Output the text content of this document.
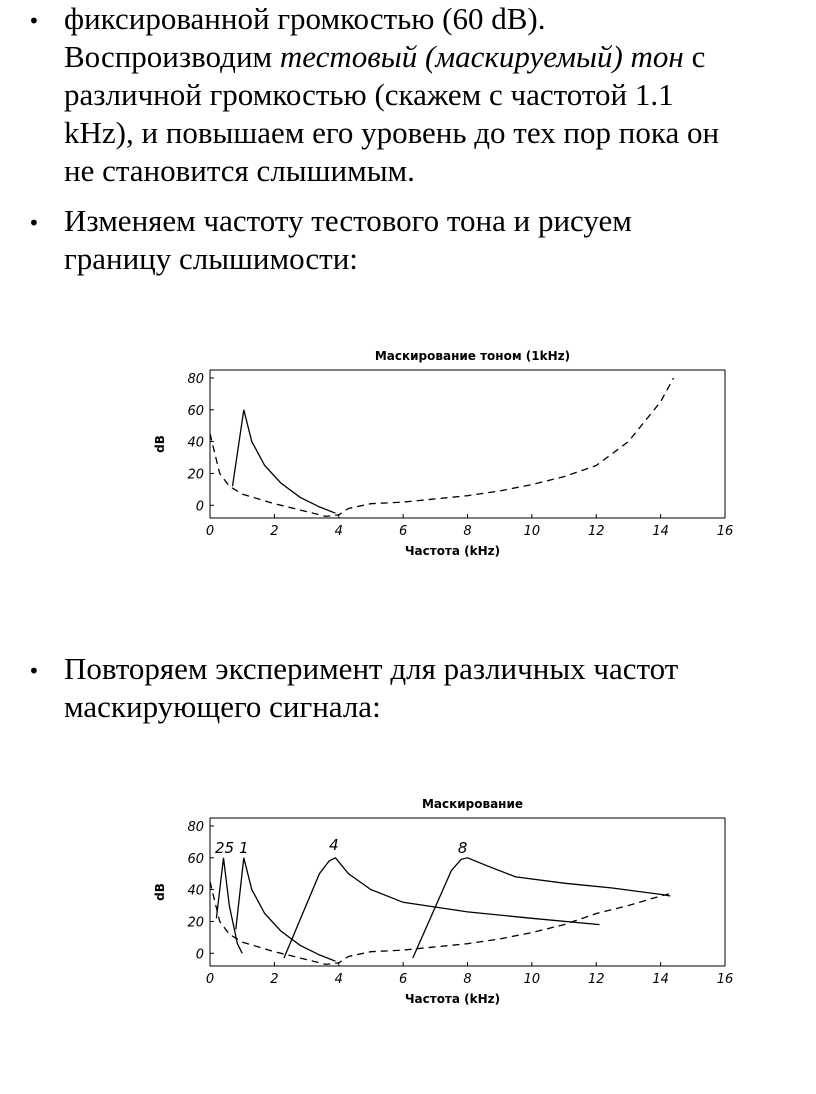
• фиксированной громкостью (60 dB).
Воспроизводим тестовый (маскируемый) тон с
различной громкостью (скажем с частотой 1.1
kHz), и повышаем его уровень до тех пор пока он
не становится слышимым.
• Изменяем частоту тестового тона и рисуем
границу слышимости:
Маскирование тоном (1kHz)
0	2	4	6	8	10	12	14	16
0
20
40
60
80
Частота (kHz)
dB
• Повторяем эксперимент для различных частот
маскирующего сигнала:
Маскирование
0	2	4	6	8	10	12	14	16
0
20
40
60
80
Частота (kHz)
dB
25 1	4	8
